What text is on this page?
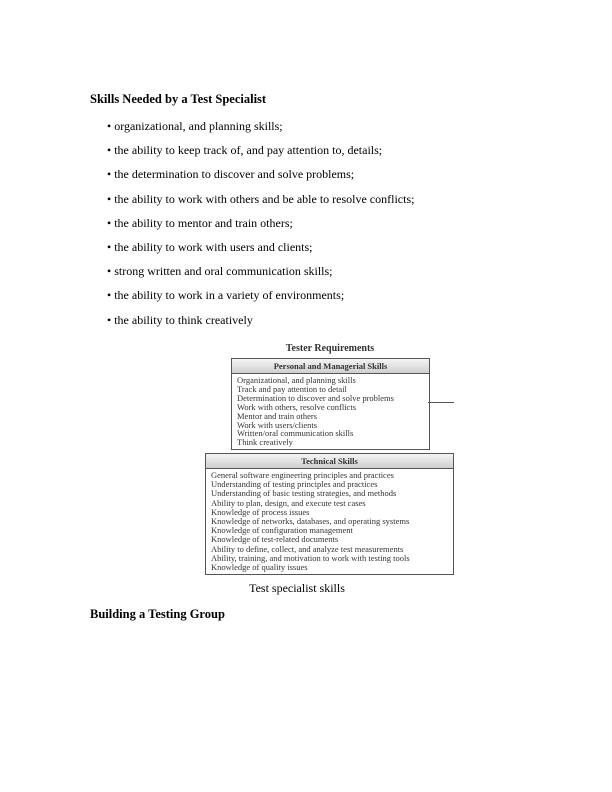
Skills Needed by a Test Specialist
• organizational, and planning skills;
• the ability to keep track of, and pay attention to, details;
• the determination to discover and solve problems;
• the ability to work with others and be able to resolve conflicts;
• the ability to mentor and train others;
• the ability to work with users and clients;
• strong written and oral communication skills;
• the ability to work in a variety of environments;
• the ability to think creatively
Tester Requirements
Personal and Managerial Skills
Organizational, and planning skills
Track and pay attention to detail
Determination to discover and solve problems
Work with others, resolve conflicts
Mentor and train others
Work with users/clients
Written/oral communication skills
Think creatively
Technical Skills
General software engineering principles and practices
Understanding of testing principles and practices
Understanding of basic testing strategies, and methods
Ability to plan, design, and execute test cases
Knowledge of process issues
Knowledge of networks, databases, and operating systems
Knowledge of configuration management
Knowledge of test-related documents
Ability to define, collect, and analyze test measurements
Ability, training, and motivation to work with testing tools
Knowledge of quality issues
Test specialist skills
Building a Testing Group
